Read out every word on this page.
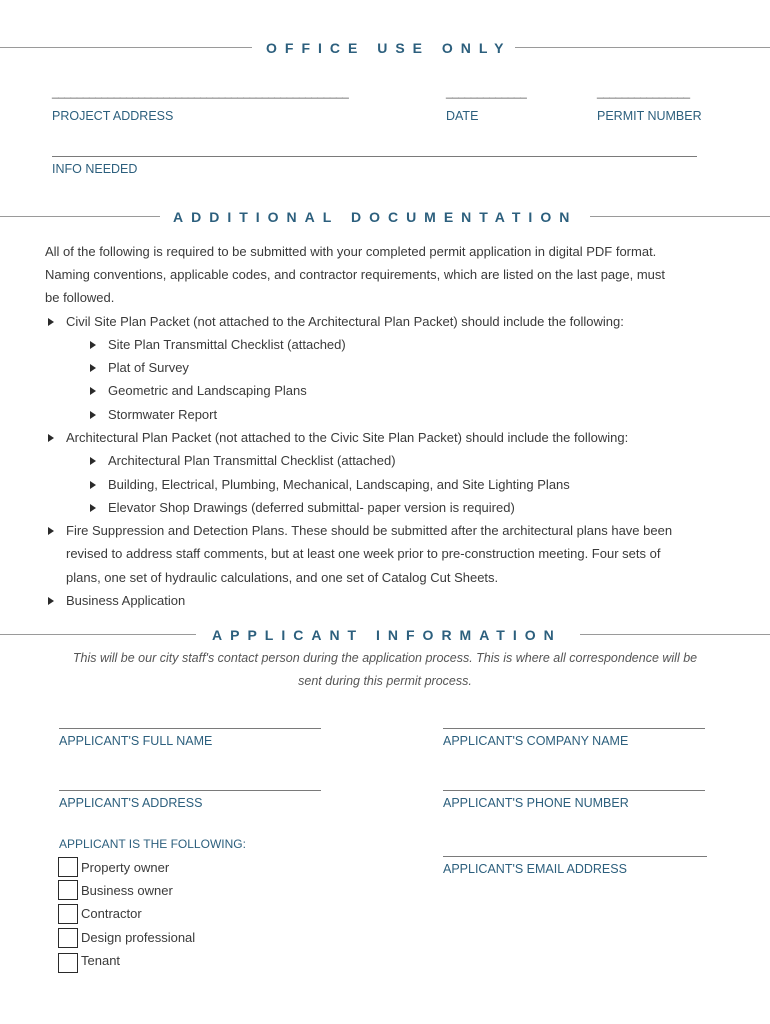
OFFICE USE ONLY
________________________________________________
PROJECT ADDRESS
_____________
DATE
_______________
PERMIT NUMBER
INFO NEEDED
ADDITIONAL DOCUMENTATION
All of the following is required to be submitted with your completed permit application in digital PDF format.
Naming conventions, applicable codes, and contractor requirements, which are listed on the last page, must
be followed.
Civil Site Plan Packet (not attached to the Architectural Plan Packet) should include the following:
Site Plan Transmittal Checklist (attached)
Plat of Survey
Geometric and Landscaping Plans
Stormwater Report
Architectural Plan Packet (not attached to the Civic Site Plan Packet) should include the following:
Architectural Plan Transmittal Checklist (attached)
Building, Electrical, Plumbing, Mechanical, Landscaping, and Site Lighting Plans
Elevator Shop Drawings (deferred submittal- paper version is required)
Fire Suppression and Detection Plans. These should be submitted after the architectural plans have been
revised to address staff comments, but at least one week prior to pre-construction meeting. Four sets of
plans, one set of hydraulic calculations, and one set of Catalog Cut Sheets.
Business Application
APPLICANT INFORMATION
This will be our city staff's contact person during the application process. This is where all correspondence will be
sent during this permit process.
APPLICANT'S FULL NAME
APPLICANT'S ADDRESS
APPLICANT IS THE FOLLOWING:
APPLICANT'S COMPANY NAME
APPLICANT'S PHONE NUMBER
APPLICANT'S EMAIL ADDRESS
Property owner
Business owner
Contractor
Design professional
Tenant
